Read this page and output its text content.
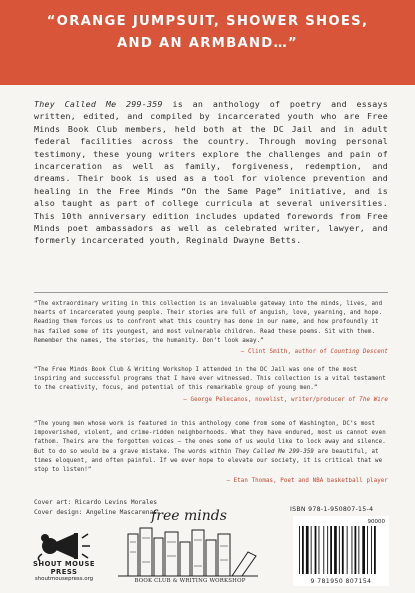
“ORANGE JUMPSUIT, SHOWER SHOES,
AND AN ARMBAND…”
They Called Me 299-359 is an anthology of poetry and essays written, edited, and compiled by incarcerated youth who are Free Minds Book Club members, held both at the DC Jail and in adult federal facilities across the country. Through moving personal testimony, these young writers explore the challenges and pain of incarceration as well as family, forgiveness, redemption, and dreams. Their book is used as a tool for violence prevention and healing in the Free Minds “On the Same Page” initiative, and is also taught as part of college curricula at several universities. This 10th anniversary edition includes updated forewords from Free Minds poet ambassadors as well as celebrated writer, lawyer, and formerly incarcerated youth, Reginald Dwayne Betts.
“The extraordinary writing in this collection is an invaluable gateway into the minds, lives, and hearts of incarcerated young people. Their stories are full of anguish, love, yearning, and hope. Reading them forces us to confront what this country has done in our name, and how profoundly it has failed some of its youngest, and most vulnerable children. Read these poems. Sit with them. Remember the names, the stories, the humanity. Don’t look away.”
— Clint Smith, author of Counting Descent
“The Free Minds Book Club & Writing Workshop I attended in the DC Jail was one of the most inspiring and successful programs that I have ever witnessed. This collection is a vital testament to the creativity, focus, and potential of this remarkable group of young men.”
— George Pelecanos, novelist, writer/producer of The Wire
“The young men whose work is featured in this anthology come from some of Washington, DC’s most impoverished, violent, and crime-ridden neighborhoods. What they have endured, most us cannot even fathom. Theirs are the forgotten voices — the ones some of us would like to lock away and silence. But to do so would be a grave mistake. The words within They Called Me 299-359 are beautiful, at times eloquent, and often painful. If we ever hope to elevate our society, it is critical that we stop to listen!”
— Etan Thomas, Poet and NBA basketball player
Cover art: Ricardo Levins Morales
Cover design: Angeline Mascarenas
SHOUT MOUSE
PRESS
shoutmousepress.org
free minds
BOOK CLUB & WRITING WORKSHOP
ISBN 978-1-950807-15-4
90000
9 781950 807154
